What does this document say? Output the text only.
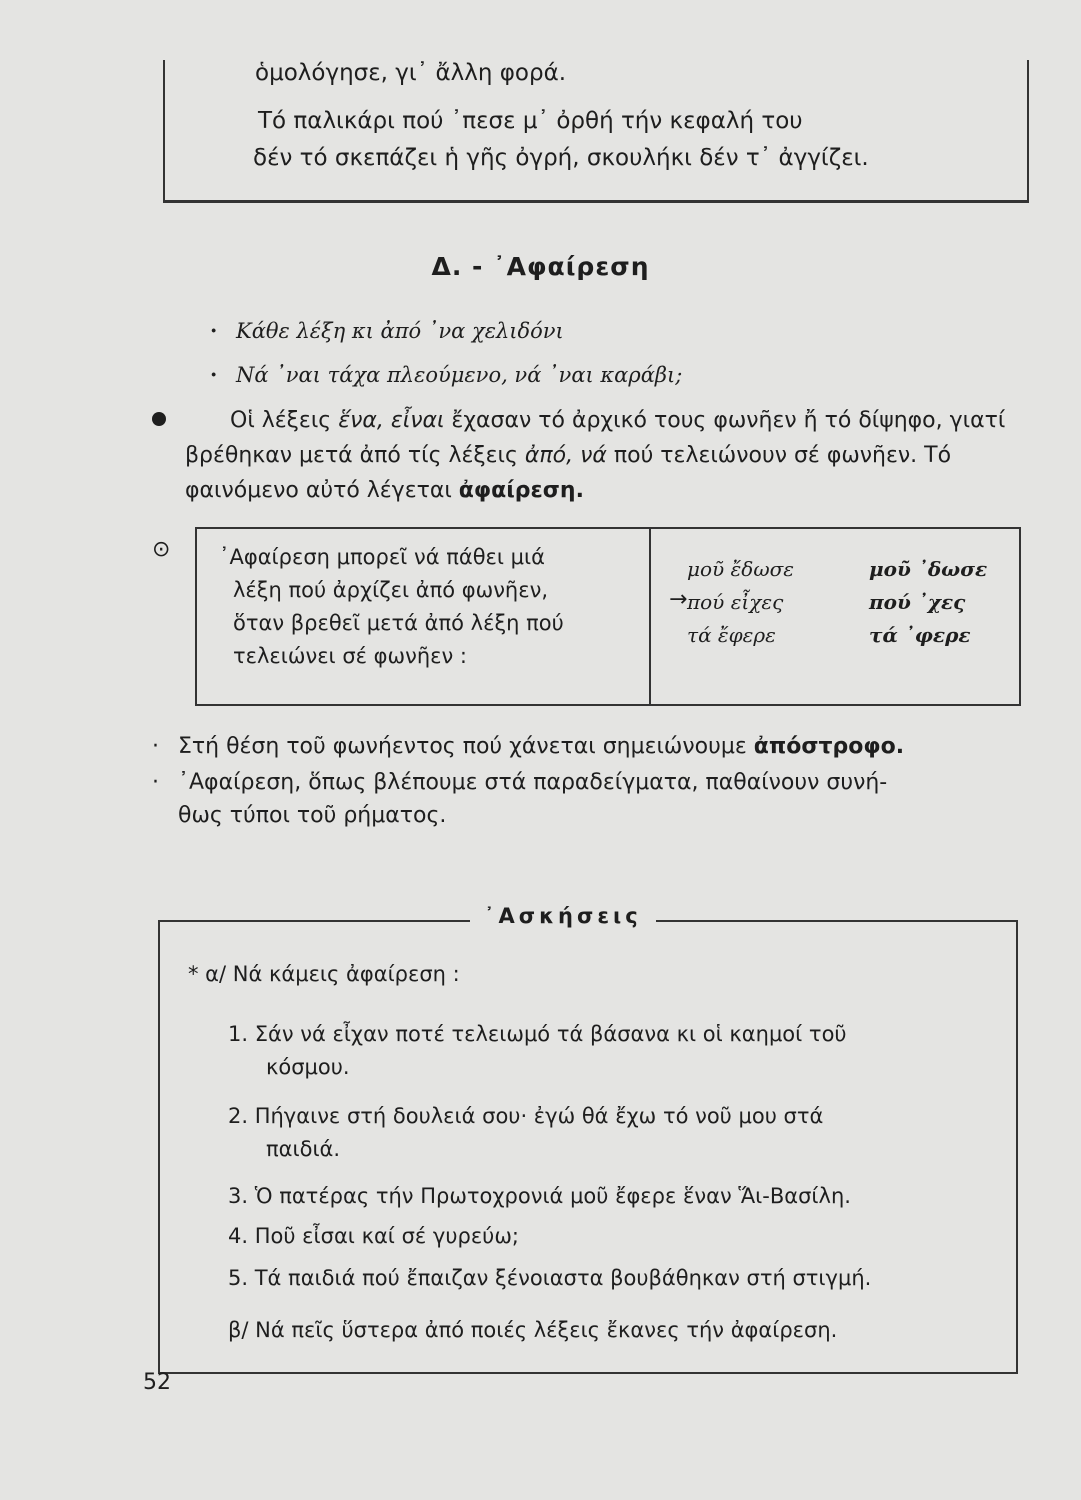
ὁμολόγησε, γι᾽ ἄλλη φορά.
Τό παλικάρι πού ᾽πεσε μ᾽ ὀρθή τήν κεφαλή του
δέν τό σκεπάζει ἡ γῆς ὀγρή, σκουλήκι δέν τ᾽ ἀγγίζει.
Δ. - ᾽Αφαίρεση
· Κάθε λέξη κι ἀπό ᾽να χελιδόνι
· Νά ᾽ναι τάχα πλεούμενο, νά ᾽ναι καράβι;
Οἱ λέξεις ἕνα, εἶναι ἔχασαν τό ἀρχικό τους φωνῆεν ἤ τό δίψηφο, γιατί βρέθηκαν μετά ἀπό τίς λέξεις ἀπό, νά πού τελειώνουν σέ φωνῆεν. Τό φαινόμενο αὐτό λέγεται ἀφαίρεση.
⊙	᾽Αφαίρεση μπορεῖ νά πάθει μιά
λέξη πού ἀρχίζει ἀπό φωνῆεν,
ὅταν βρεθεῖ μετά ἀπό λέξη πού
τελειώνει σέ φωνῆεν :
→
μοῦ ἔδωσε
πού εἶχες
τά ἔφερε
μοῦ ᾽δωσε
πού ᾽χες
τά ᾽φερε
· Στή θέση τοῦ φωνήεντος πού χάνεται σημειώνουμε ἀπόστροφο.
· ᾽Αφαίρεση, ὅπως βλέπουμε στά παραδείγματα, παθαίνουν συνή-
θως τύποι τοῦ ρήματος.
᾽Ασκήσεις
* α/ Νά κάμεις ἀφαίρεση :
1. Σάν νά εἶχαν ποτέ τελειωμό τά βάσανα κι οἱ καημοί τοῦ
κόσμου.
2. Πήγαινε στή δουλειά σου· ἐγώ θά ἔχω τό νοῦ μου στά
παιδιά.
3. Ὁ πατέρας τήν Πρωτοχρονιά μοῦ ἔφερε ἕναν Ἅι-Βασίλη.
4. Ποῦ εἶσαι καί σέ γυρεύω;
5. Τά παιδιά πού ἔπαιζαν ξένοιαστα βουβάθηκαν στή στιγμή.
β/ Νά πεῖς ὕστερα ἀπό ποιές λέξεις ἔκανες τήν ἀφαίρεση.
52
